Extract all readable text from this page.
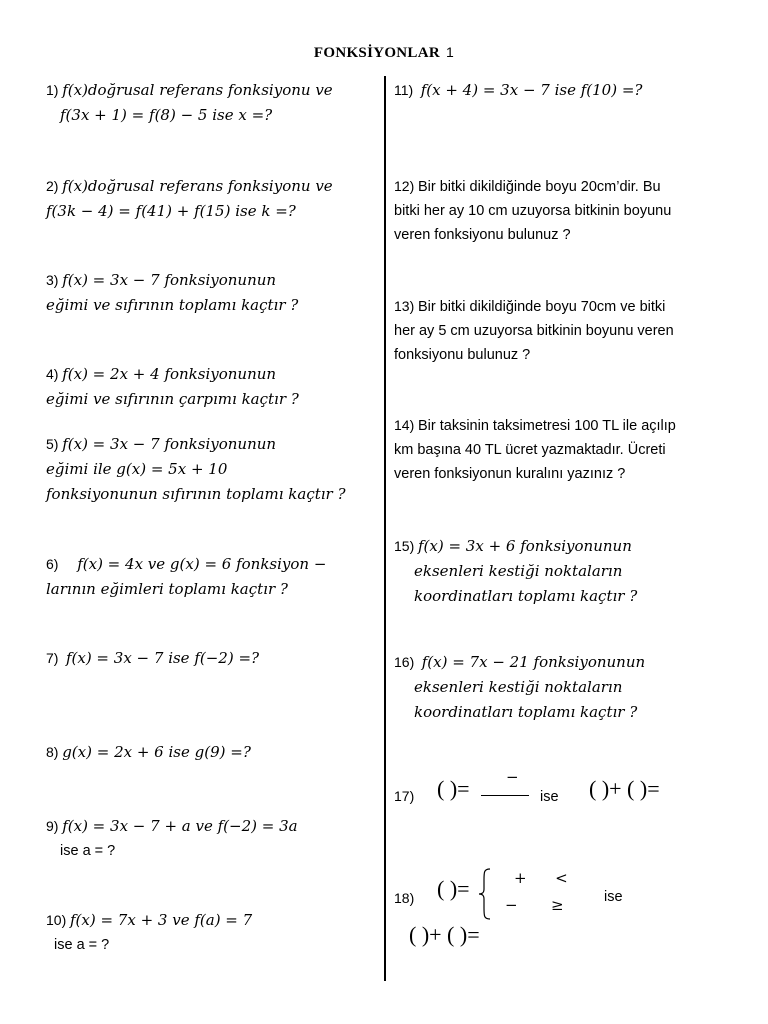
FONKSİYONLAR 1
1) 𝑓(𝑥)doğrusal referans fonksiyonu ve
𝑓(3𝑥 + 1) = 𝑓(8) − 5 ise 𝑥 =?
2) 𝑓(𝑥)doğrusal referans fonksiyonu ve
𝑓(3𝑘 − 4) = 𝑓(41) + 𝑓(15) ise 𝑘 =?
3) 𝑓(𝑥) = 3𝑥 − 7 fonksiyonunun
eğimi ve sıfırının toplamı kaçtır ?
4) 𝑓(𝑥) = 2𝑥 + 4 fonksiyonunun
eğimi ve sıfırının çarpımı kaçtır ?
5) 𝑓(𝑥) = 3𝑥 − 7 fonksiyonunun
eğimi ile 𝑔(𝑥) = 5𝑥 + 10
fonksiyonunun sıfırının toplamı kaçtır ?
6) 𝑓(𝑥) = 4𝑥 ve 𝑔(𝑥) = 6 fonksiyon −
larının eğimleri toplamı kaçtır ?
7) 𝑓(𝑥) = 3𝑥 − 7 ise 𝑓(−2) =?
8) 𝑔(𝑥) = 2𝑥 + 6 ise 𝑔(9) =?
9) 𝑓(𝑥) = 3𝑥 − 7 + 𝑎 ve 𝑓(−2) = 3𝑎
ise a = ?
10) 𝑓(𝑥) = 7𝑥 + 3 ve 𝑓(𝑎) = 7
ise a = ?
11) 𝑓(𝑥 + 4) = 3𝑥 − 7 ise 𝑓(10) =?
12) Bir bitki dikildiğinde boyu 20cm’dir. Bu
bitki her ay 10 cm uzuyorsa bitkinin boyunu
veren fonksiyonu bulunuz ?
13) Bir bitki dikildiğinde boyu 70cm ve bitki
her ay 5 cm uzuyorsa bitkinin boyunu veren
fonksiyonu bulunuz ?
14) Bir taksinin taksimetresi 100 TL ile açılıp
km başına 40 TL ücret yazmaktadır. Ücreti
veren fonksiyonun kuralını yazınız ?
15) 𝑓(𝑥) = 3𝑥 + 6 fonksiyonunun
eksenleri kestiği noktaların
koordinatları toplamı kaçtır ?
16) 𝑓(𝑥) = 7𝑥 − 21 fonksiyonunun
eksenleri kestiği noktaların
koordinatları toplamı kaçtır ?
17) ( )= −
ise ( )+ ( )=
18) ( )=	+      <
−       ≥	ise
( )+ ( )=
